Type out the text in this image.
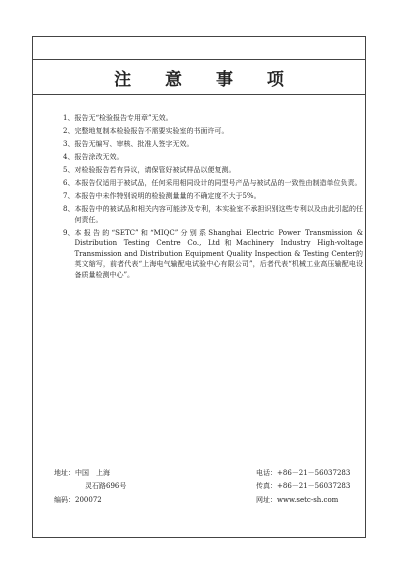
注 意 事 项
1、 报告无“检验报告专用章”无效。
2、 完整地复制本检验报告不需要实验室的书面许可。
3、 报告无编写、审核、批准人签字无效。
4、 报告涂改无效。
5、 对检验报告若有异议，请保管好被试样品以便复测。
6、 本报告仅适用于被试品，任何采用相同设计的同型号产品与被试品的一致性由制造单位负责。
7、 本报告中未作特别说明的检验测量量的不确定度不大于5%。
8、 本报告中的被试品和相关内容可能涉及专利，本实验室不承担识别这些专利以及由此引起的任何责任。
9、 本报告的“SETC”和“MIQC”分别系Shanghai Electric Power Transmission & Distribution Testing Centre Co., Ltd和Machinery Industry High-voltage Transmission and Distribution Equipment Quality Inspection & Testing Center的英文缩写，前者代表“上海电气输配电试验中心有限公司”，后者代表“机械工业高压输配电设备质量检测中心”。
地址： 中国　上海
灵石路696号
编码： 200072
电话： +86－21－56037283
传真： +86－21－56037283
网址： www.setc-sh.com
